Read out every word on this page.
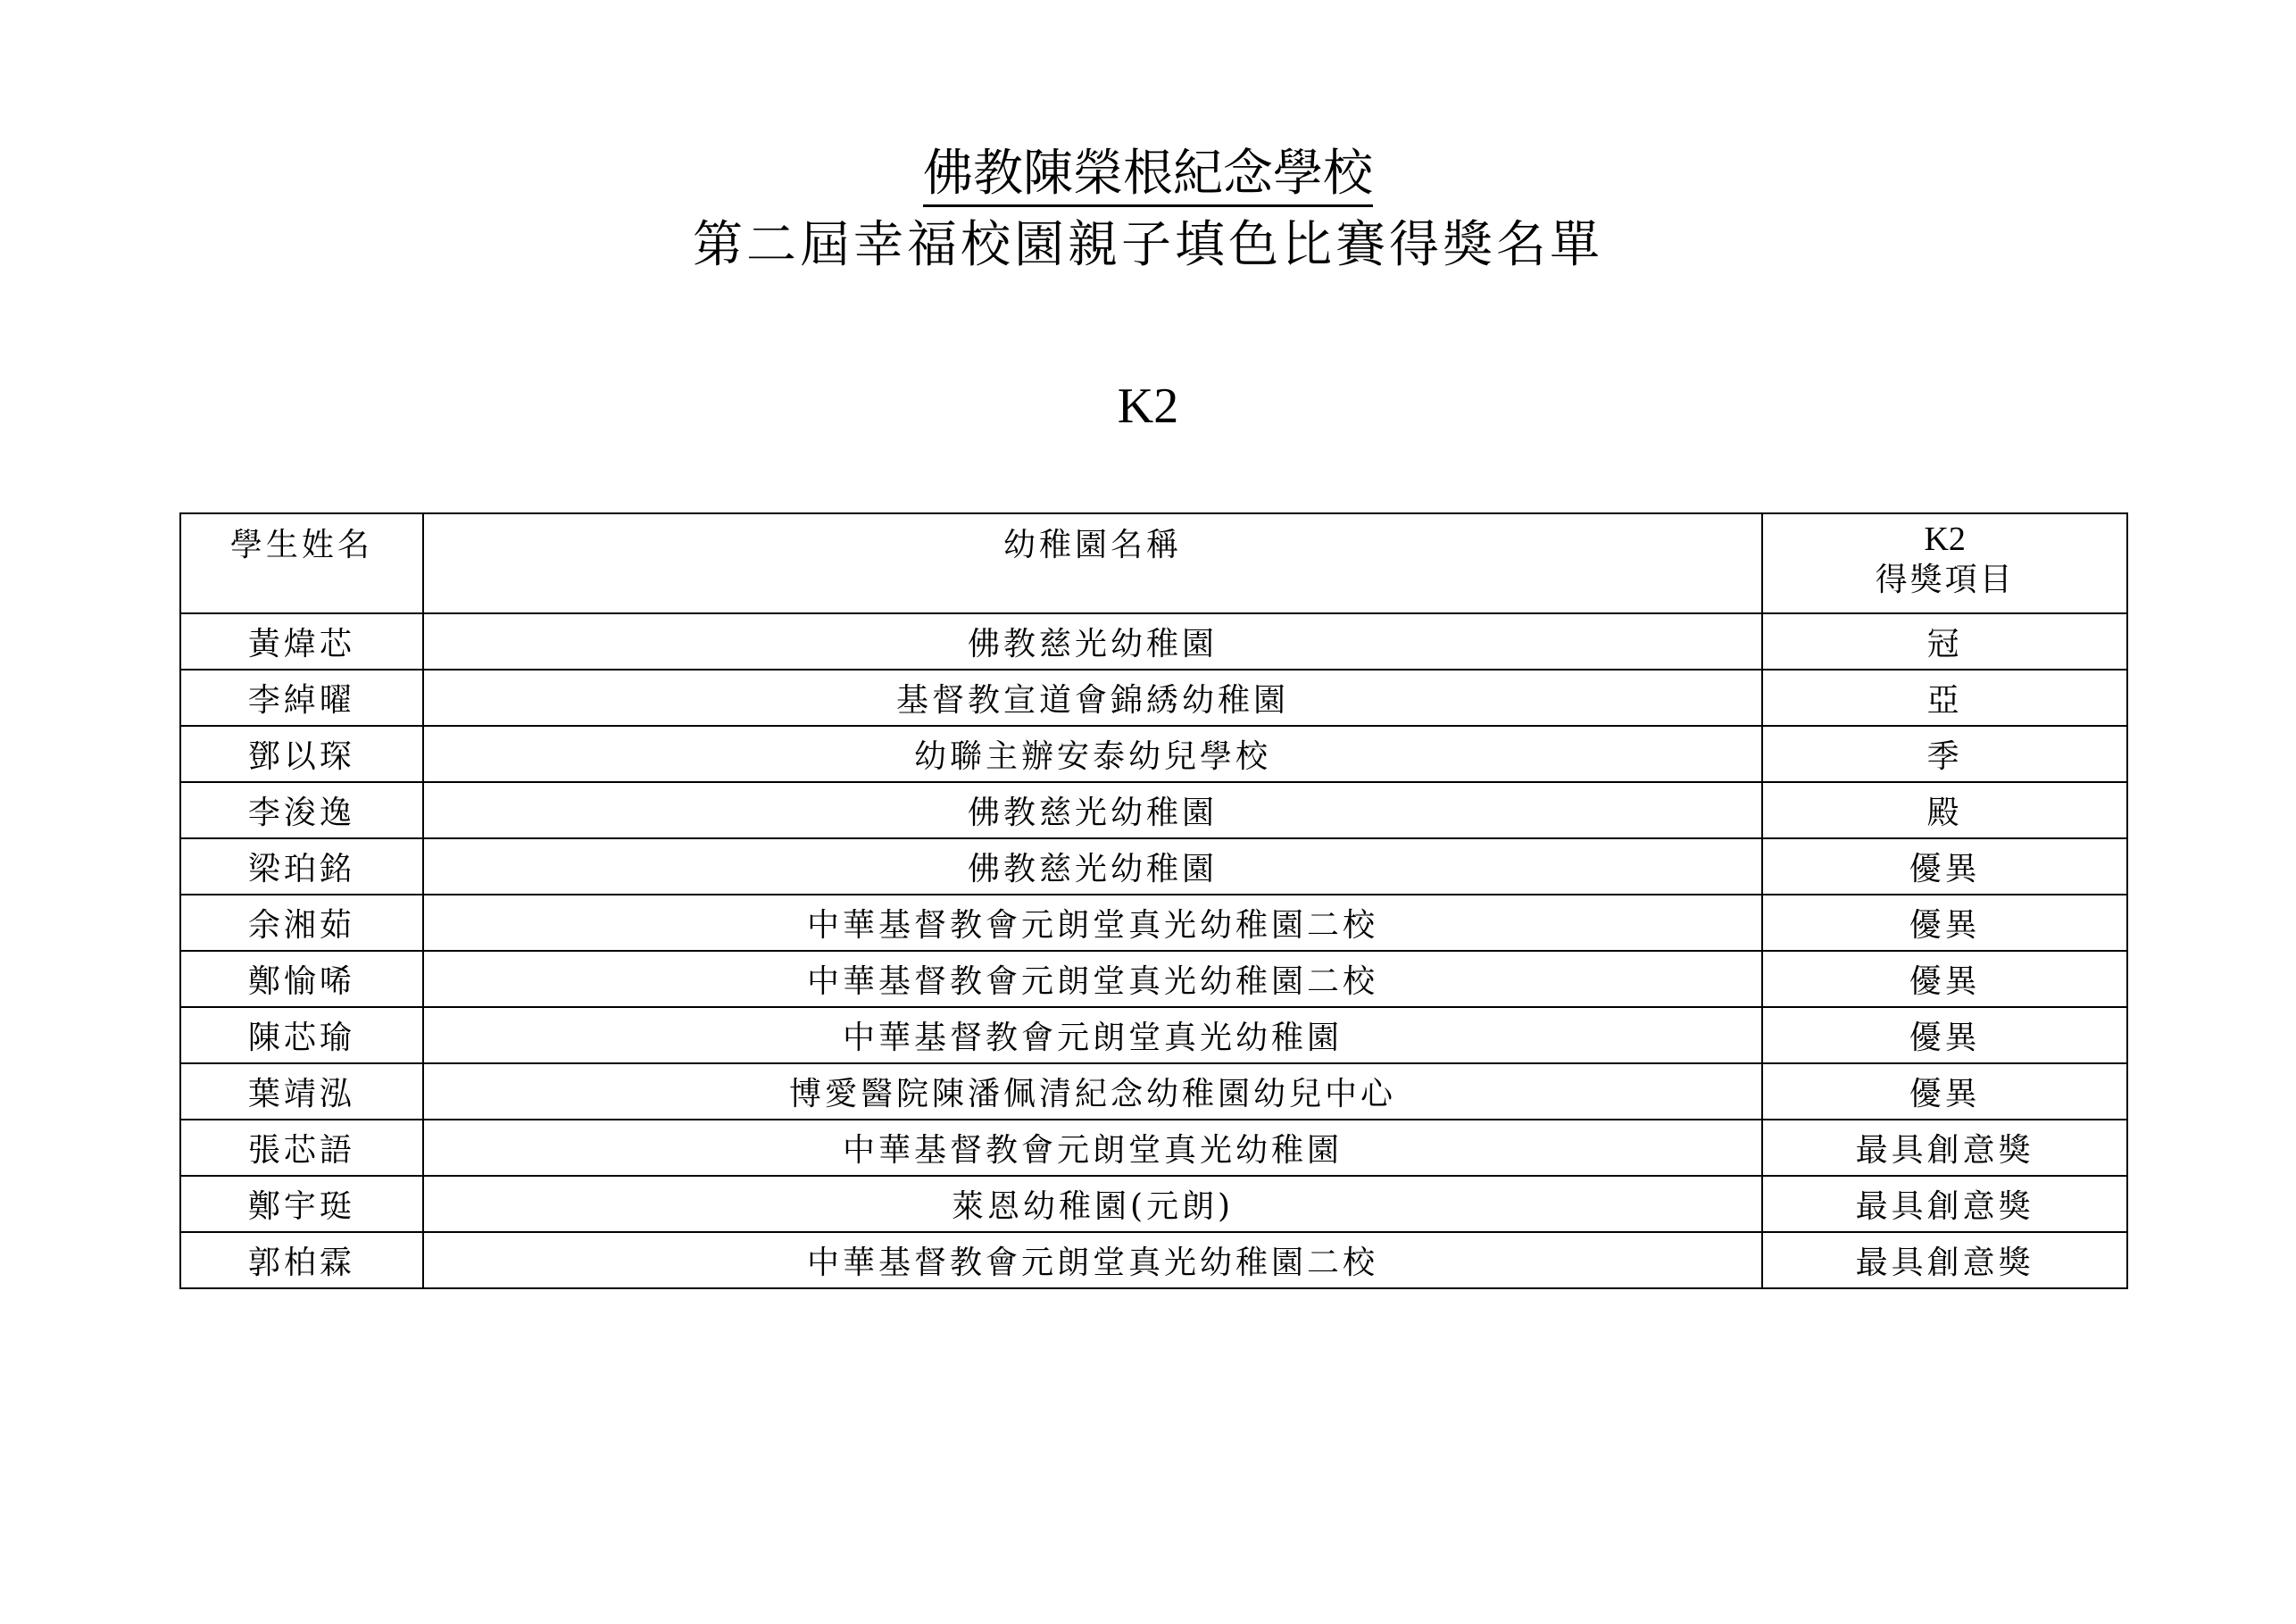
佛教陳榮根紀念學校
第二屆幸福校園親子填色比賽得獎名單
K2
學生姓名	幼稚園名稱	K2
得獎項目

黃煒芯	佛教慈光幼稚園	冠
李綽曜	基督教宣道會錦綉幼稚園	亞
鄧以琛	幼聯主辦安泰幼兒學校	季
李浚逸	佛教慈光幼稚園	殿
梁珀銘	佛教慈光幼稚園	優異
余湘茹	中華基督教會元朗堂真光幼稚園二校	優異
鄭愉唏	中華基督教會元朗堂真光幼稚園二校	優異
陳芯瑜	中華基督教會元朗堂真光幼稚園	優異
葉靖泓	博愛醫院陳潘佩清紀念幼稚園幼兒中心	優異
張芯語	中華基督教會元朗堂真光幼稚園	最具創意獎
鄭宇珽	萊恩幼稚園(元朗)	最具創意獎
郭柏霖	中華基督教會元朗堂真光幼稚園二校	最具創意獎
